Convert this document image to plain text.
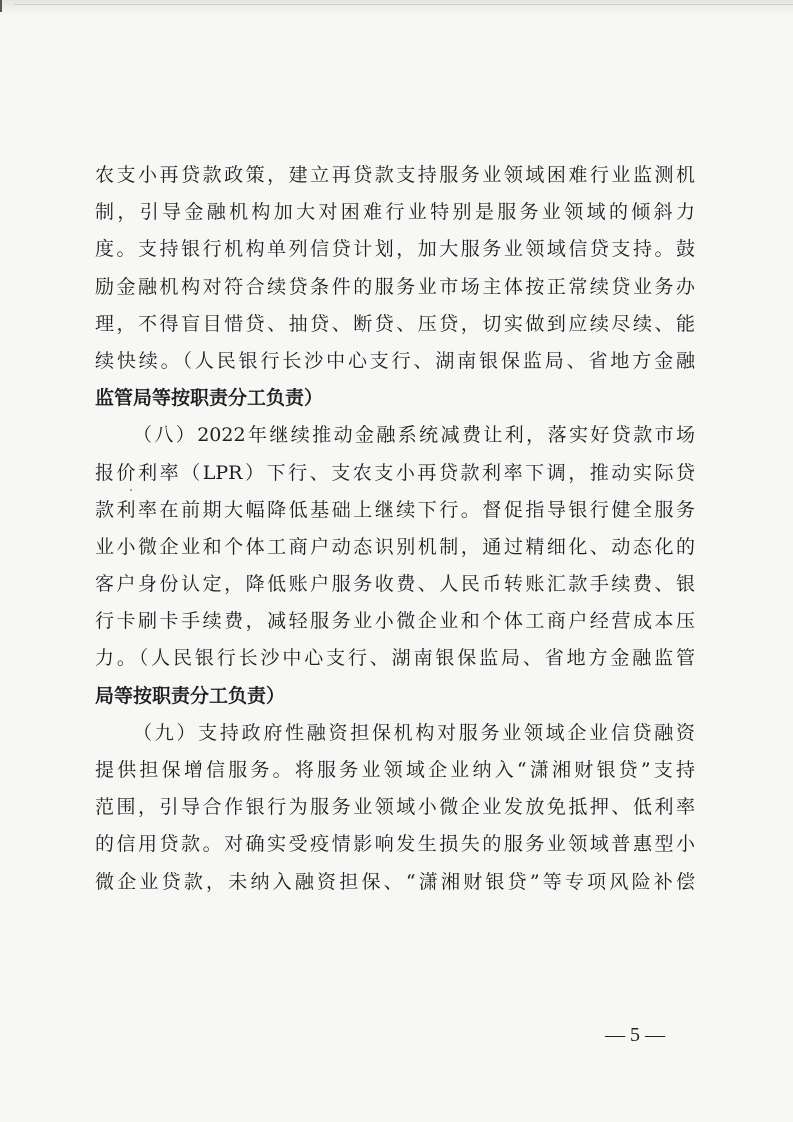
农支小再贷款政策，建立再贷款支持服务业领域困难行业监测机
制，引导金融机构加大对困难行业特别是服务业领域的倾斜力
度。支持银行机构单列信贷计划，加大服务业领域信贷支持。鼓
励金融机构对符合续贷条件的服务业市场主体按正常续贷业务办
理，不得盲目惜贷、抽贷、断贷、压贷，切实做到应续尽续、能
续快续。（人民银行长沙中心支行、湖南银保监局、省地方金融
监管局等按职责分工负责）
（八）2022年继续推动金融系统减费让利，落实好贷款市场
报价利率（LPR）下行、支农支小再贷款利率下调，推动实际贷
款利率在前期大幅降低基础上继续下行。督促指导银行健全服务
业小微企业和个体工商户动态识别机制，通过精细化、动态化的
客户身份认定，降低账户服务收费、人民币转账汇款手续费、银
行卡刷卡手续费，减轻服务业小微企业和个体工商户经营成本压
力。（人民银行长沙中心支行、湖南银保监局、省地方金融监管
局等按职责分工负责）
（九）支持政府性融资担保机构对服务业领域企业信贷融资
提供担保增信服务。将服务业领域企业纳入“潇湘财银贷”支持
范围，引导合作银行为服务业领域小微企业发放免抵押、低利率
的信用贷款。对确实受疫情影响发生损失的服务业领域普惠型小
微企业贷款，未纳入融资担保、“潇湘财银贷”等专项风险补偿
— 5 —
